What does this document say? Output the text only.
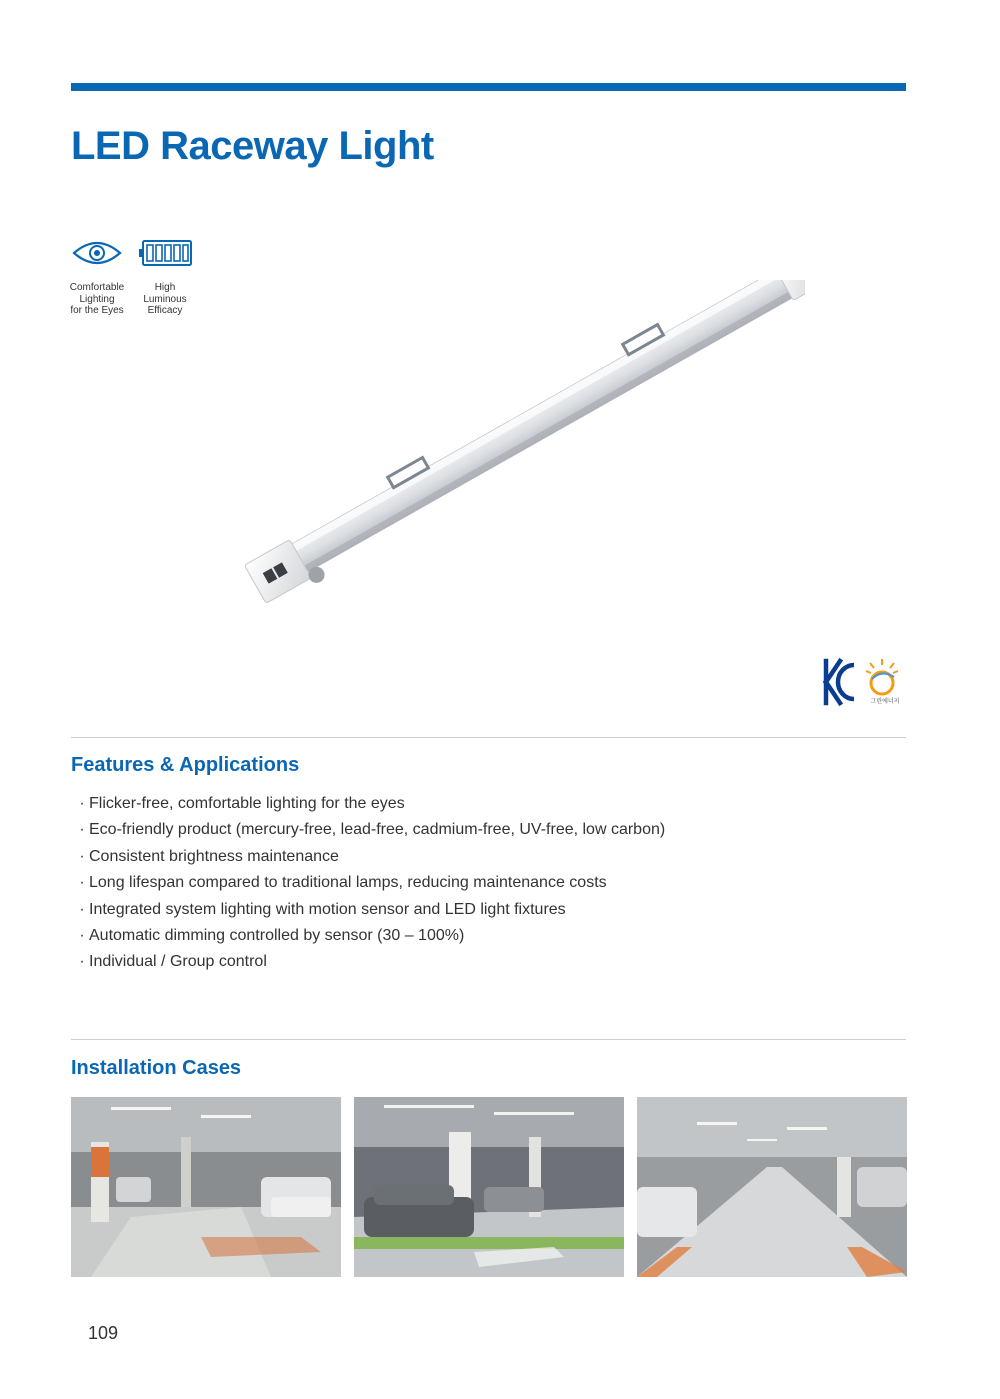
LED Raceway Light
Comfortable
Lighting
for the Eyes
High
Luminous
Efficacy
그린에너지
Features & Applications
· Flicker-free, comfortable lighting for the eyes
· Eco-friendly product (mercury-free, lead-free, cadmium-free, UV-free, low carbon)
· Consistent brightness maintenance
· Long lifespan compared to traditional lamps, reducing maintenance costs
· Integrated system lighting with motion sensor and LED light fixtures
· Automatic dimming controlled by sensor (30 – 100%)
· Individual / Group control
Installation Cases
109
